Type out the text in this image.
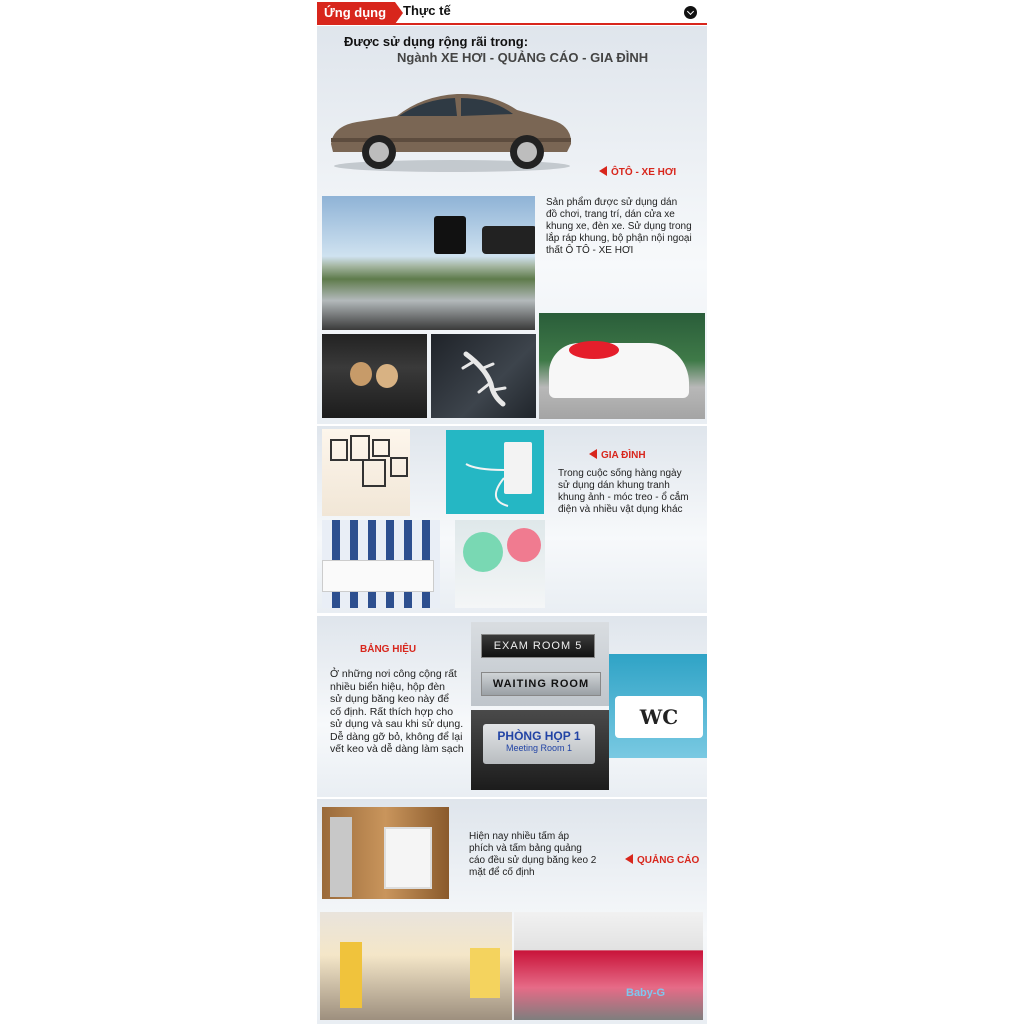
Ứng dụng	Thực tế
Được sử dụng rộng rãi trong:
Ngành XE HƠI - QUẢNG CÁO - GIA ĐÌNH
ÔTÔ - XE HƠI
Sản phẩm được sử dụng dán
đồ chơi, trang trí, dán cửa xe
khung xe, đèn xe. Sử dụng trong
lắp ráp khung, bộ phận nội ngoại
thất Ô TÔ - XE HƠI
GIA ĐÌNH
Trong cuộc sống hàng ngày
sử dụng dán khung tranh
khung ảnh - móc treo - ổ cắm
điện và nhiều vật dụng khác
BẢNG HIỆU
Ở những nơi công cộng rất
nhiều biển hiệu, hộp đèn
sử dụng băng keo này để
cố định. Rất thích hợp cho
sử dụng và sau khi sử dụng.
Dễ dàng gỡ bỏ, không để lại
vết keo và dễ dàng làm sạch
EXAM ROOM 5
WAITING ROOM
PHÒNG HỌP 1
Meeting Room 1
WC
Hiện nay nhiều tấm áp
phích và tấm bảng quảng
cáo đều sử dụng băng keo 2
mặt để cố định
QUẢNG CÁO
Baby-G
